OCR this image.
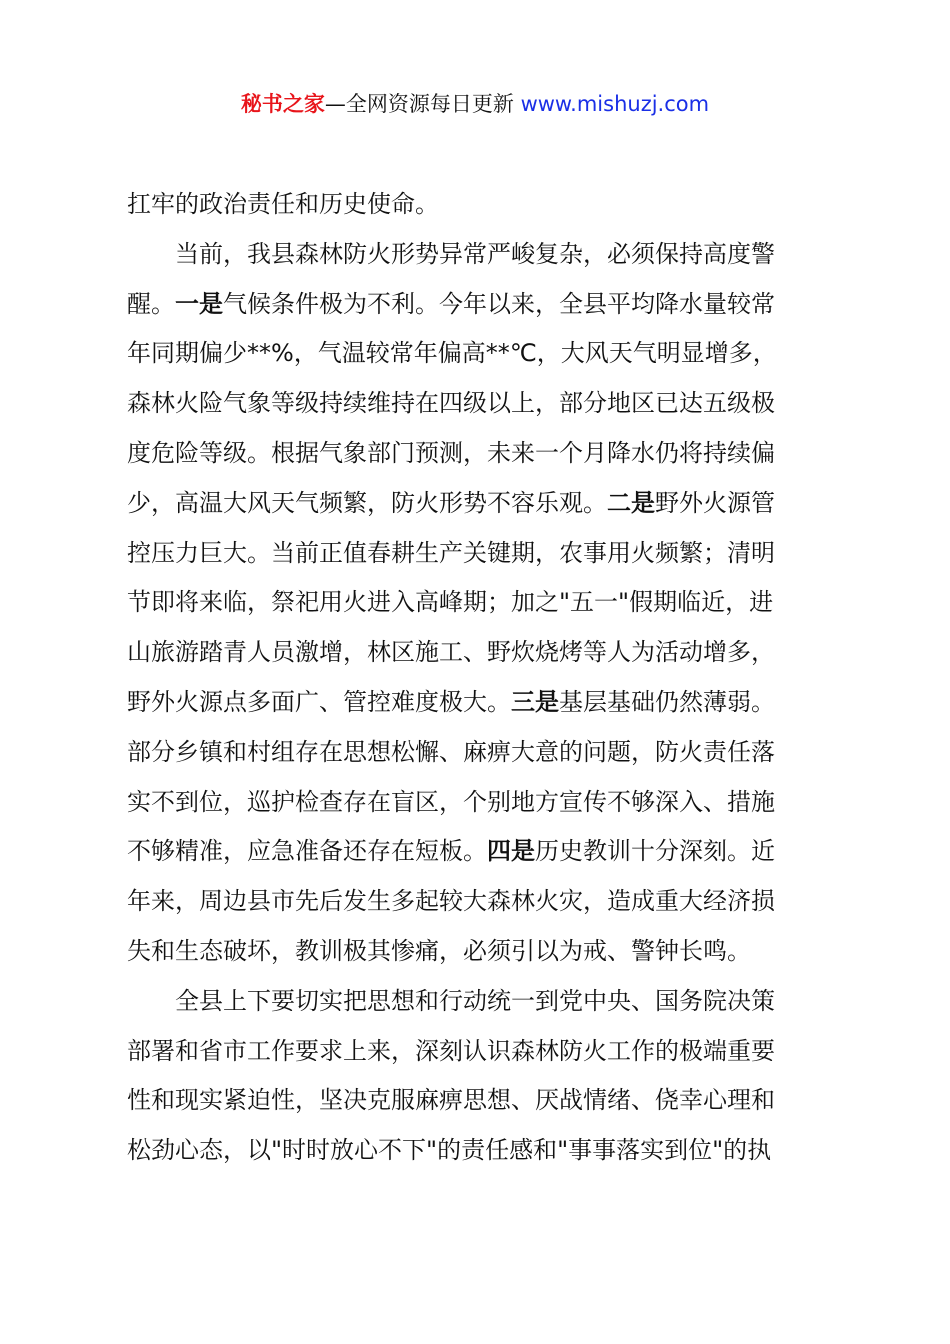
秘书之家—全网资源每日更新 www.mishuzj.com
扛牢的政治责任和历史使命。
当前，我县森林防火形势异常严峻复杂，必须保持高度警
醒。一是气候条件极为不利。今年以来，全县平均降水量较常
年同期偏少**%，气温较常年偏高**℃，大风天气明显增多，
森林火险气象等级持续维持在四级以上，部分地区已达五级极
度危险等级。根据气象部门预测，未来一个月降水仍将持续偏
少，高温大风天气频繁，防火形势不容乐观。二是野外火源管
控压力巨大。当前正值春耕生产关键期，农事用火频繁；清明
节即将来临，祭祀用火进入高峰期；加之"五一"假期临近，进
山旅游踏青人员激增，林区施工、野炊烧烤等人为活动增多，
野外火源点多面广、管控难度极大。三是基层基础仍然薄弱。
部分乡镇和村组存在思想松懈、麻痹大意的问题，防火责任落
实不到位，巡护检查存在盲区，个别地方宣传不够深入、措施
不够精准，应急准备还存在短板。四是历史教训十分深刻。近
年来，周边县市先后发生多起较大森林火灾，造成重大经济损
失和生态破坏，教训极其惨痛，必须引以为戒、警钟长鸣。
全县上下要切实把思想和行动统一到党中央、国务院决策
部署和省市工作要求上来，深刻认识森林防火工作的极端重要
性和现实紧迫性，坚决克服麻痹思想、厌战情绪、侥幸心理和
松劲心态，以"时时放心不下"的责任感和"事事落实到位"的执
